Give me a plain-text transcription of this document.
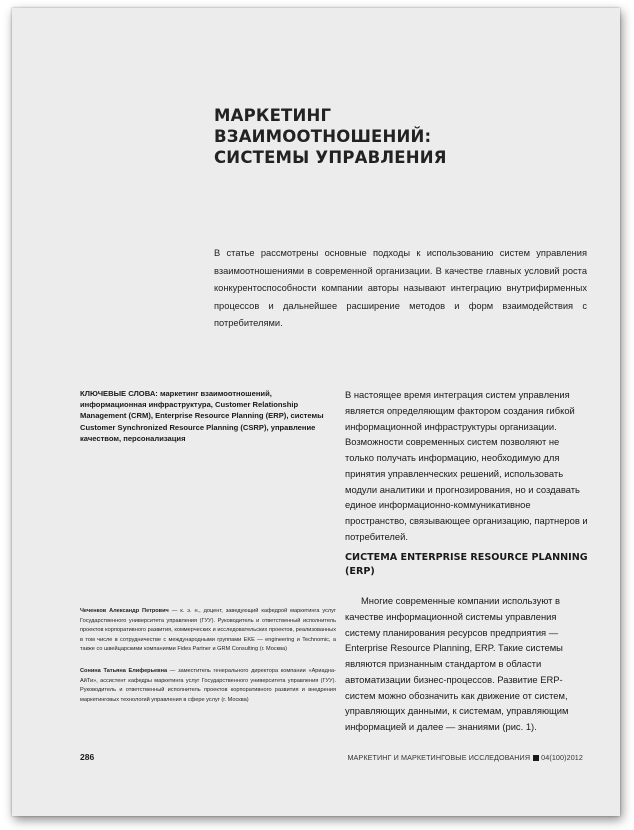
МАРКЕТИНГ ВЗАИМООТНОШЕНИЙ:
СИСТЕМЫ УПРАВЛЕНИЯ

В статье рассмотрены основные подходы к использованию систем управления взаимоотношениями в современной организации. В качестве главных условий роста конкурентоспособности компании авторы называют интеграцию внутрифирменных процессов и дальнейшее расширение методов и форм взаимодействия с потребителями.

КЛЮЧЕВЫЕ СЛОВА: маркетинг взаимоотношений, информационная инфраструктура, Customer Relationship Management (CRM), Enterprise Resource Planning (ERP), системы Customer Synchronized Resource Planning (CSRP), управление качеством, персонализация

В настоящее время интеграция систем управления является определяющим фактором создания гибкой информационной инфраструктуры организации. Возможности современных систем позволяют не только получать информацию, необходимую для принятия управленческих решений, использовать модули аналитики и прогнозирования, но и создавать единое информационно-коммуникативное пространство, связывающее организацию, партнеров и потребителей.

СИСТЕМА ENTERPRISE RESOURCE PLANNING (ERP)

Многие современные компании используют в качестве информационной системы управления систему планирования ресурсов предприятия — Enterprise Resource Planning, ERP. Такие системы являются признанным стандартом в области автоматизации бизнес-процессов. Развитие ERP-систем можно обозначить как движение от систем, управляющих данными, к системам, управляющим информацией и далее — знаниями (рис. 1).

Чеченков Александр Петрович — к. э. н., доцент, заведующий кафедрой маркетинга услуг Государственного университета управления (ГУУ). Руководитель и ответственный исполнитель проектов корпоративного развития, коммерческих и исследовательских проектов, реализованных в том числе в сотрудничестве с международными группами EKE — engineering и Technomic, а также со швейцарскими компаниями Fides Partner и GRM Consulting (г. Москва)

Сонина Татьяна Елиферьевна — заместитель генерального директора компании «Ариадна-АйТи», ассистент кафедры маркетинга услуг Государственного университета управления (ГУУ). Руководитель и ответственный исполнитель проектов корпоративного развития и внедрения маркетинговых технологий управления в сфере услуг (г. Москва)

286	МАРКЕТИНГ И МАРКЕТИНГОВЫЕ ИССЛЕДОВАНИЯ 04(100)2012
